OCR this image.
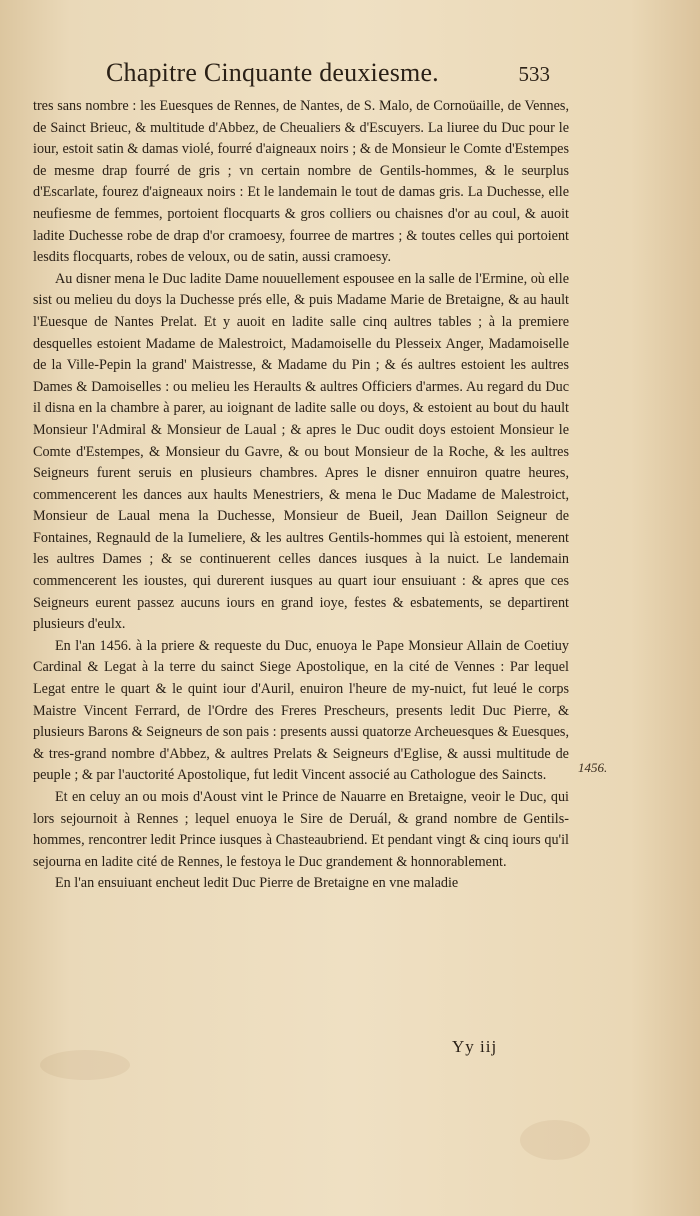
Chapitre Cinquante deuxiesme.	533

tres sans nombre : les Euesques de Rennes, de Nantes, de S. Malo, de Cornoüaille, de Vennes, de Sainct Brieuc, & multitude d'Abbez, de Cheualiers & d'Escuyers. La liuree du Duc pour le iour, estoit satin & damas violé, fourré d'aigneaux noirs ; & de Monsieur le Comte d'Estempes de mesme drap fourré de gris ; vn certain nombre de Gentils-hommes, & le seurplus d'Escarlate, fourez d'aigneaux noirs : Et le landemain le tout de damas gris. La Duchesse, elle neufiesme de femmes, portoient flocquarts & gros colliers ou chaisnes d'or au coul, & auoit ladite Duchesse robe de drap d'or cramoesy, fourree de martres ; & toutes celles qui portoient lesdits flocquarts, robes de veloux, ou de satin, aussi cramoesy.

Au disner mena le Duc ladite Dame nouuellement espousee en la salle de l'Ermine, où elle sist ou melieu du doys la Duchesse prés elle, & puis Madame Marie de Bretaigne, & au hault l'Euesque de Nantes Prelat. Et y auoit en ladite salle cinq aultres tables ; à la premiere desquelles estoient Madame de Malestroict, Madamoiselle du Plesseix Anger, Madamoiselle de la Ville-Pepin la grand' Maistresse, & Madame du Pin ; & és aultres estoient les aultres Dames & Damoiselles : ou melieu les Heraults & aultres Officiers d'armes. Au regard du Duc il disna en la chambre à parer, au ioignant de ladite salle ou doys, & estoient au bout du hault Monsieur l'Admiral & Monsieur de Laual ; & apres le Duc oudit doys estoient Monsieur le Comte d'Estempes, & Monsieur du Gavre, & ou bout Monsieur de la Roche, & les aultres Seigneurs furent seruis en plusieurs chambres. Apres le disner ennuiron quatre heures, commencerent les dances aux haults Menestriers, & mena le Duc Madame de Malestroict, Monsieur de Laual mena la Duchesse, Monsieur de Bueil, Jean Daillon Seigneur de Fontaines, Regnauld de la Iumeliere, & les aultres Gentils-hommes qui là estoient, menerent les aultres Dames ; & se continuerent celles dances iusques à la nuict. Le landemain commencerent les ioustes, qui durerent iusques au quart iour ensuiuant : & apres que ces Seigneurs eurent passez aucuns iours en grand ioye, festes & esbatements, se departirent plusieurs d'eulx.

En l'an 1456. à la priere & requeste du Duc, enuoya le Pape Monsieur Allain de Coetiuy Cardinal & Legat à la terre du sainct Siege Apostolique, en la cité de Vennes : Par lequel Legat entre le quart & le quint iour d'Auril, enuiron l'heure de my-nuict, fut leué le corps Maistre Vincent Ferrard, de l'Ordre des Freres Prescheurs, presents ledit Duc Pierre, & plusieurs Barons & Seigneurs de son pais : presents aussi quatorze Archeuesques & Euesques, & tres-grand nombre d'Abbez, & aultres Prelats & Seigneurs d'Eglise, & aussi multitude de peuple ; & par l'auctorité Apostolique, fut ledit Vincent associé au Cathologue des Saincts.

Et en celuy an ou mois d'Aoust vint le Prince de Nauarre en Bretaigne, veoir le Duc, qui lors sejournoit à Rennes ; lequel enuoya le Sire de Deruál, & grand nombre de Gentils-hommes, rencontrer ledit Prince iusques à Chasteaubriend. Et pendant vingt & cinq iours qu'il sejourna en ladite cité de Rennes, le festoya le Duc grandement & honnorablement.

En l'an ensuiuant encheut ledit Duc Pierre de Bretaigne en vne maladie

1456.
Yy iij
